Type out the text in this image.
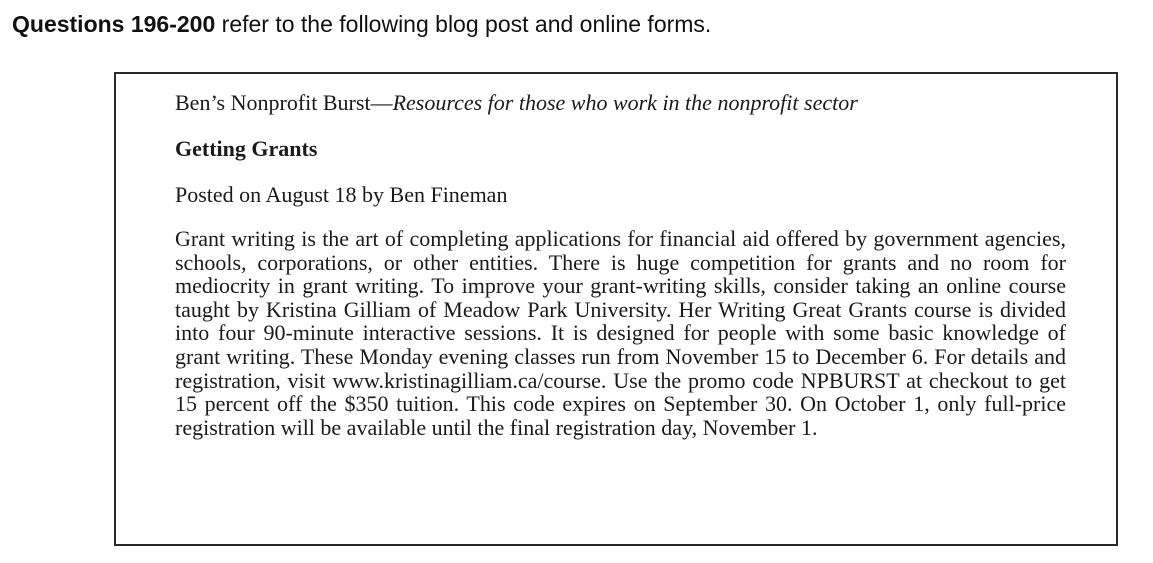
Questions 196-200 refer to the following blog post and online forms.

Ben’s Nonprofit Burst—Resources for those who work in the nonprofit sector

Getting Grants

Posted on August 18 by Ben Fineman

Grant writing is the art of completing applications for financial aid offered by government agencies, schools, corporations, or other entities. There is huge competition for grants and no room for mediocrity in grant writing. To improve your grant-writing skills, consider taking an online course taught by Kristina Gilliam of Meadow Park University. Her Writing Great Grants course is divided into four 90-minute interactive sessions. It is designed for people with some basic knowledge of grant writing. These Monday evening classes run from November 15 to December 6. For details and registration, visit www.kristinagilliam.ca/course. Use the promo code NPBURST at checkout to get 15 percent off the $350 tuition. This code expires on September 30. On October 1, only full-price registration will be available until the final registration day, November 1.
